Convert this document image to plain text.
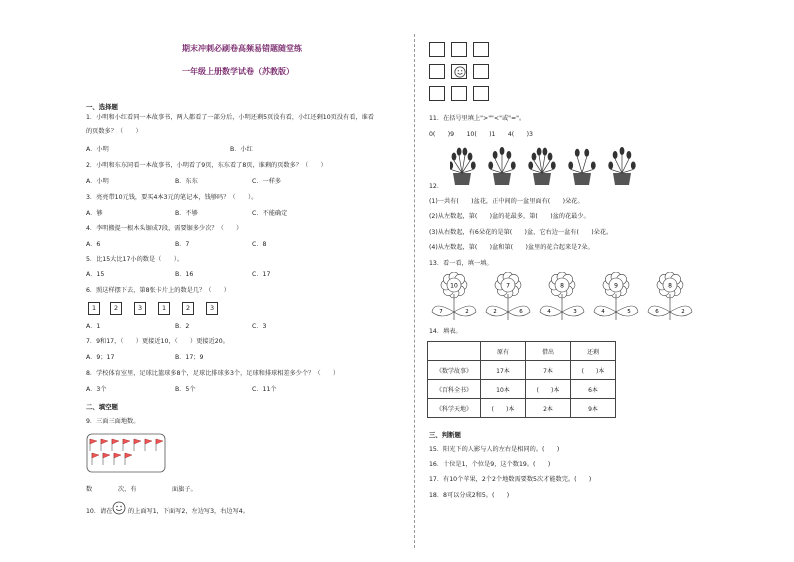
期末冲刺必刷卷高频易错题随堂练
一年级上册数学试卷（苏教版）
一、选择题
1．小明和小红看同一本故事书，两人都看了一部分后，小明还剩5页没有看，小红还剩10页没有看，谁看
的页数多？（　　）
A．小明	B．小红
2．小明和东东同看一本故事书，小明看了9页，东东看了8页，谁剩的页数多？（　　）
A．小明	B．东东	C．一样多
3．亮亮带10元钱，要买4本3元的笔记本，钱够吗？（　　）。
A．够	B．不够	C．不能确定
4．李明搬提一根木头锯成7段，需要锯多少次？（　　）
A．6	B．7	C．8
5．比15大比17小的数是（　　）。
A．15	B．16	C．17
6．照这样摆下去，第8张卡片上的数是几？（　　）
1	2	3	1	2	3
A．1	B．2	C．3
7．9和17，（　　）更接近10，（　　）更接近20。
A．9；17	B．17；9
8．学校体育室里，足球比篮球多8个，足球比排球多3个，足球和排球相差多少个？（　　）
A．3个	B．5个	C．11个
二、填空题
9．三面三面地数。
数	次，有	面旗子。
10．请在	的上面写1，下面写2，左边写3，右边写4。
11．在括号里填上">""<"或"="。
0(　　)9　　10(　　)1　　4(　　)3
12．
(1)一共有(　　)盆花，正中间的一盆里面有(　　)朵花。
(2)从左数起，第(　　)盆的花最多，第(　　)盆的花最少。
(3)从右数起，有6朵花的是第(　　)盆，它右边一盆有(　　)朵花。
(4)从左数起，第(　　)盆和第(　　)盆里的花合起来是7朵。
13．看一看，填一填。
10
7	2
7
2	6
8
4	3
9
4	5
8
6	2
14．填表。
	原有	借出	还剩
《数学故事》	17本	7本	(　　)本
《百科全书》	10本	(　　)本	6本
《科学天地》	(　　)本	2本	9本
三、判断题
15．阳光下的人影与人的左右是相同的。(　　)
16．十位是1，个位是9，这个数19。(　　)
17．有10个苹果，2个2个地数需要数5次才能数完。(　　)
18．8可以分成2和5。(　　)
